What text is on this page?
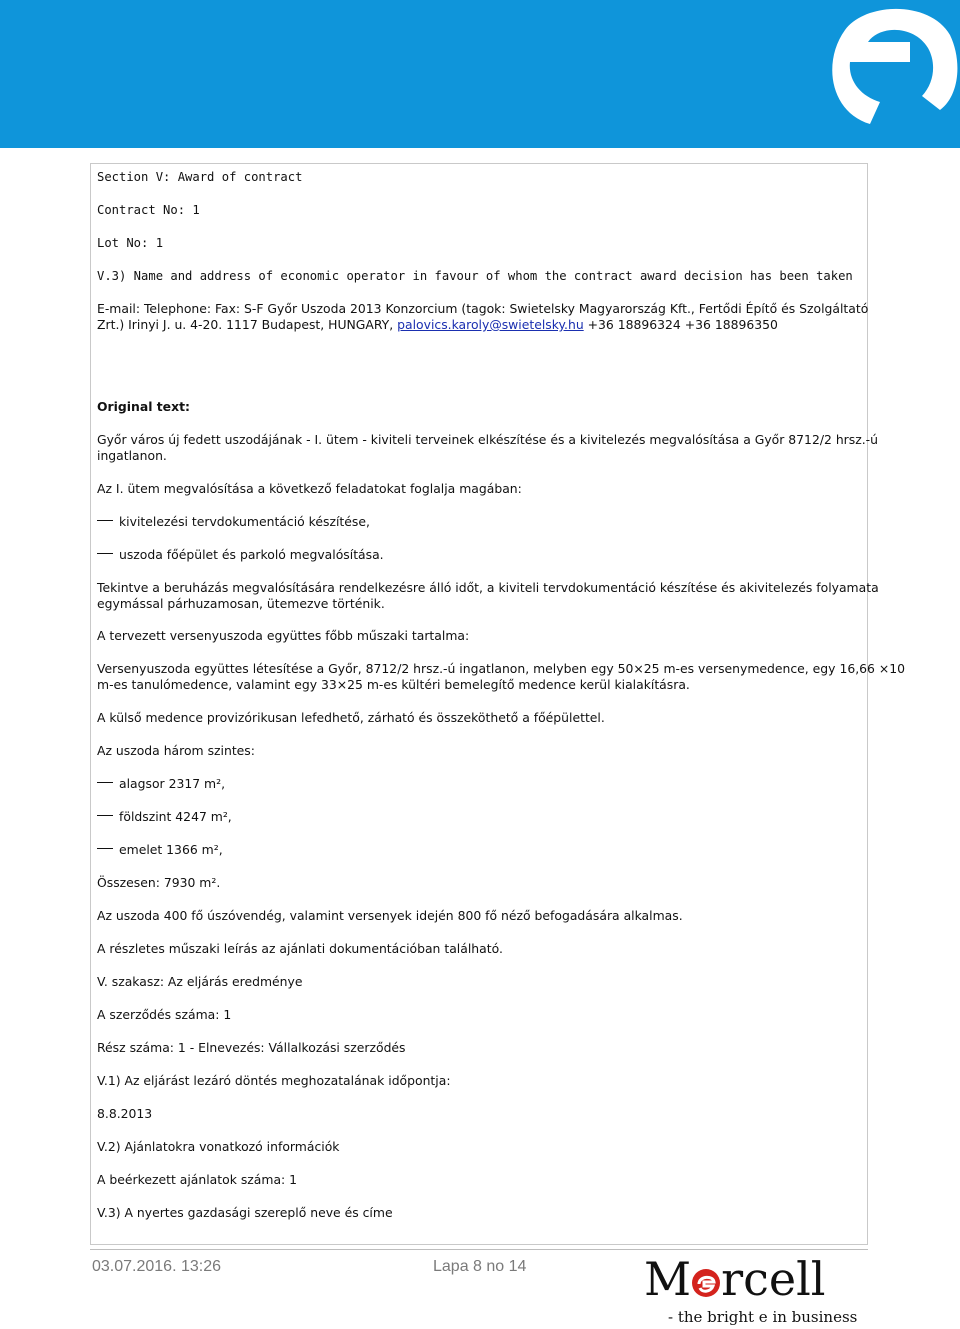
Section V: Award of contract
Contract No: 1
Lot No: 1
V.3) Name and address of economic operator in favour of whom the contract award decision has been taken
E-mail: Telephone: Fax: S-F Győr Uszoda 2013 Konzorcium (tagok: Swietelsky Magyarország Kft., Fertődi Építő és Szolgáltató
Zrt.) Irinyi J. u. 4-20. 1117 Budapest, HUNGARY, palovics.karoly@swietelsky.hu +36 18896324 +36 18896350
Original text:
Győr város új fedett uszodájának - I. ütem - kiviteli terveinek elkészítése és a kivitelezés megvalósítása a Győr 8712/2 hrsz.-ú
ingatlanon.
Az I. ütem megvalósítása a következő feladatokat foglalja magában:
kivitelezési tervdokumentáció készítése,
uszoda főépület és parkoló megvalósítása.
Tekintve a beruházás megvalósítására rendelkezésre álló időt, a kiviteli tervdokumentáció készítése és akivitelezés folyamata
egymással párhuzamosan, ütemezve történik.
A tervezett versenyuszoda együttes főbb műszaki tartalma:
Versenyuszoda együttes létesítése a Győr, 8712/2 hrsz.-ú ingatlanon, melyben egy 50×25 m-es versenymedence, egy 16,66 ×10
m-es tanulómedence, valamint egy 33×25 m-es kültéri bemelegítő medence kerül kialakításra.
A külső medence provizórikusan lefedhető, zárható és összeköthető a főépülettel.
Az uszoda három szintes:
alagsor 2317 m²,
földszint 4247 m²,
emelet 1366 m²,
Összesen: 7930 m².
Az uszoda 400 fő úszóvendég, valamint versenyek idején 800 fő néző befogadására alkalmas.
A részletes műszaki leírás az ajánlati dokumentációban található.
V. szakasz: Az eljárás eredménye
A szerződés száma: 1
Rész száma: 1 - Elnevezés: Vállalkozási szerződés
V.1) Az eljárást lezáró döntés meghozatalának időpontja:
8.8.2013
V.2) Ajánlatokra vonatkozó információk
A beérkezett ajánlatok száma: 1
V.3) A nyertes gazdasági szereplő neve és címe
03.07.2016. 13:26	Lapa 8 no 14	M rcell
- the bright e in business
